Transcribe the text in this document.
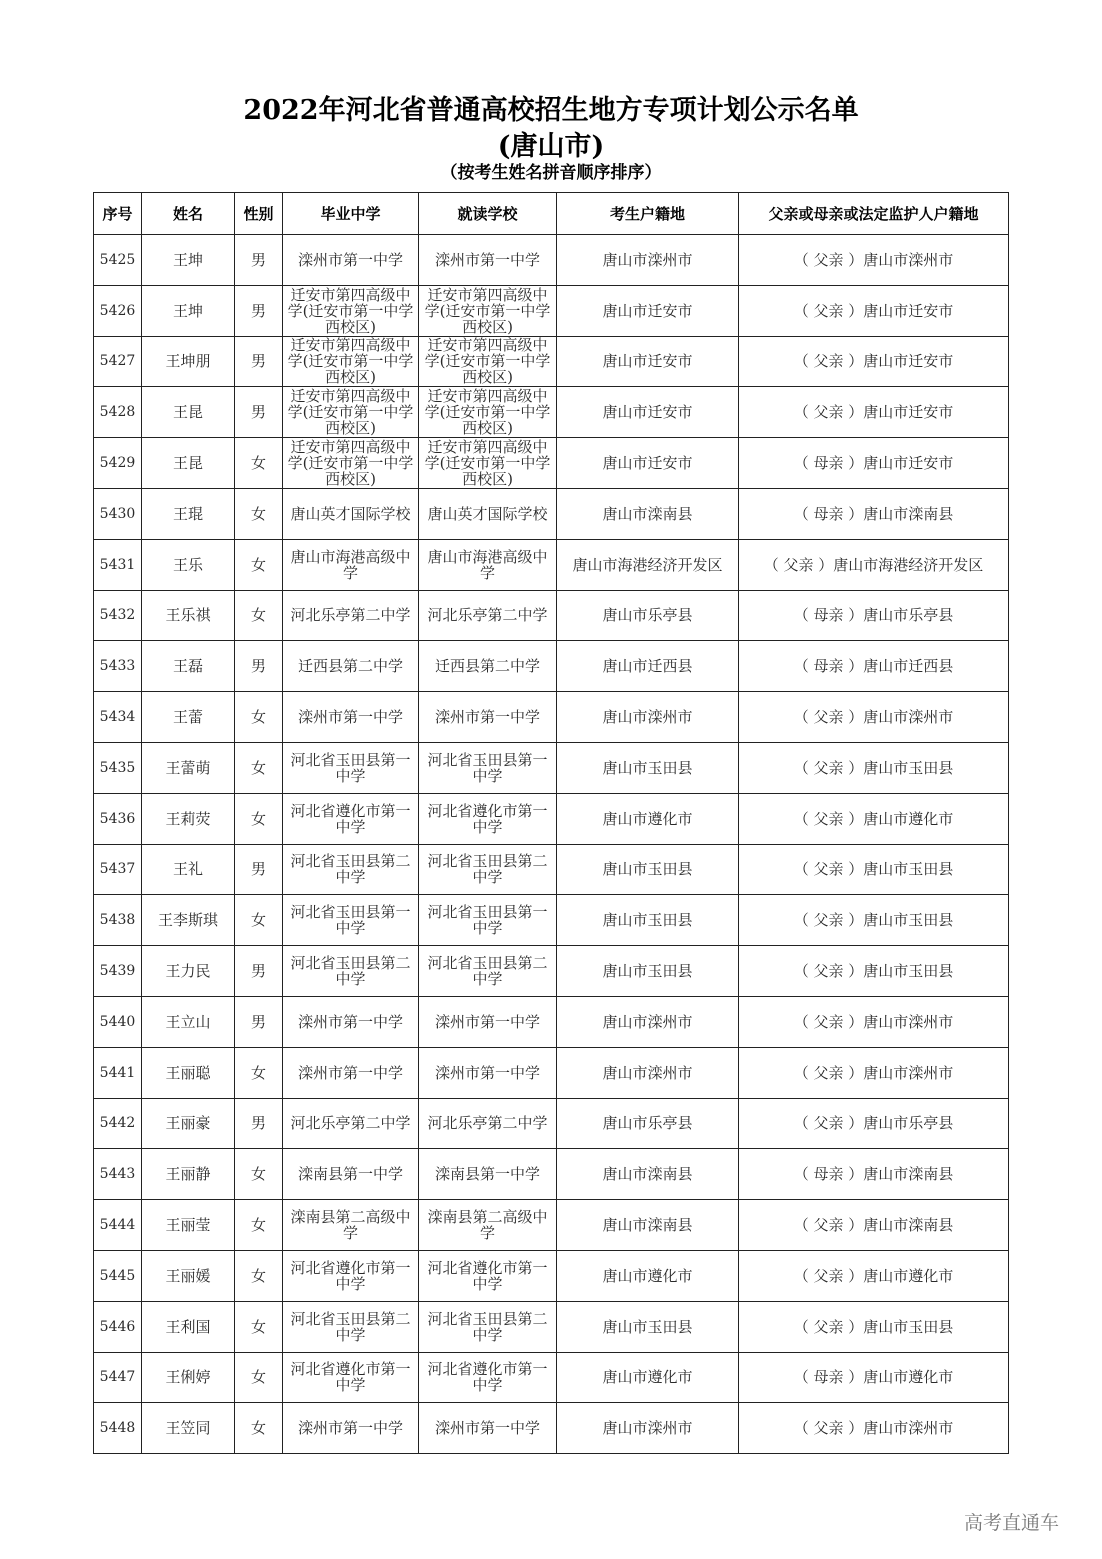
2022年河北省普通高校招生地方专项计划公示名单
(唐山市)
（按考生姓名拼音顺序排序）
序号	姓名	性别	毕业中学	就读学校	考生户籍地	父亲或母亲或法定监护人户籍地
5425	王坤	男	滦州市第一中学	滦州市第一中学	唐山市滦州市	（ 父亲 ）唐山市滦州市
5426	王坤	男	迁安市第四高级中学(迁安市第一中学西校区)	迁安市第四高级中学(迁安市第一中学西校区)	唐山市迁安市	（ 父亲 ）唐山市迁安市
5427	王坤朋	男	迁安市第四高级中学(迁安市第一中学西校区)	迁安市第四高级中学(迁安市第一中学西校区)	唐山市迁安市	（ 父亲 ）唐山市迁安市
5428	王昆	男	迁安市第四高级中学(迁安市第一中学西校区)	迁安市第四高级中学(迁安市第一中学西校区)	唐山市迁安市	（ 父亲 ）唐山市迁安市
5429	王昆	女	迁安市第四高级中学(迁安市第一中学西校区)	迁安市第四高级中学(迁安市第一中学西校区)	唐山市迁安市	（ 母亲 ）唐山市迁安市
5430	王琨	女	唐山英才国际学校	唐山英才国际学校	唐山市滦南县	（ 母亲 ）唐山市滦南县
5431	王乐	女	唐山市海港高级中学	唐山市海港高级中学	唐山市海港经济开发区	（ 父亲 ）唐山市海港经济开发区
5432	王乐祺	女	河北乐亭第二中学	河北乐亭第二中学	唐山市乐亭县	（ 母亲 ）唐山市乐亭县
5433	王磊	男	迁西县第二中学	迁西县第二中学	唐山市迁西县	（ 母亲 ）唐山市迁西县
5434	王蕾	女	滦州市第一中学	滦州市第一中学	唐山市滦州市	（ 父亲 ）唐山市滦州市
5435	王蕾萌	女	河北省玉田县第一中学	河北省玉田县第一中学	唐山市玉田县	（ 父亲 ）唐山市玉田县
5436	王莉荧	女	河北省遵化市第一中学	河北省遵化市第一中学	唐山市遵化市	（ 父亲 ）唐山市遵化市
5437	王礼	男	河北省玉田县第二中学	河北省玉田县第二中学	唐山市玉田县	（ 父亲 ）唐山市玉田县
5438	王李斯琪	女	河北省玉田县第一中学	河北省玉田县第一中学	唐山市玉田县	（ 父亲 ）唐山市玉田县
5439	王力民	男	河北省玉田县第二中学	河北省玉田县第二中学	唐山市玉田县	（ 父亲 ）唐山市玉田县
5440	王立山	男	滦州市第一中学	滦州市第一中学	唐山市滦州市	（ 父亲 ）唐山市滦州市
5441	王丽聪	女	滦州市第一中学	滦州市第一中学	唐山市滦州市	（ 父亲 ）唐山市滦州市
5442	王丽豪	男	河北乐亭第二中学	河北乐亭第二中学	唐山市乐亭县	（ 父亲 ）唐山市乐亭县
5443	王丽静	女	滦南县第一中学	滦南县第一中学	唐山市滦南县	（ 母亲 ）唐山市滦南县
5444	王丽莹	女	滦南县第二高级中学	滦南县第二高级中学	唐山市滦南县	（ 父亲 ）唐山市滦南县
5445	王丽媛	女	河北省遵化市第一中学	河北省遵化市第一中学	唐山市遵化市	（ 父亲 ）唐山市遵化市
5446	王利国	女	河北省玉田县第二中学	河北省玉田县第二中学	唐山市玉田县	（ 父亲 ）唐山市玉田县
5447	王俐婷	女	河北省遵化市第一中学	河北省遵化市第一中学	唐山市遵化市	（ 母亲 ）唐山市遵化市
5448	王笠同	女	滦州市第一中学	滦州市第一中学	唐山市滦州市	（ 父亲 ）唐山市滦州市
高考直通车
